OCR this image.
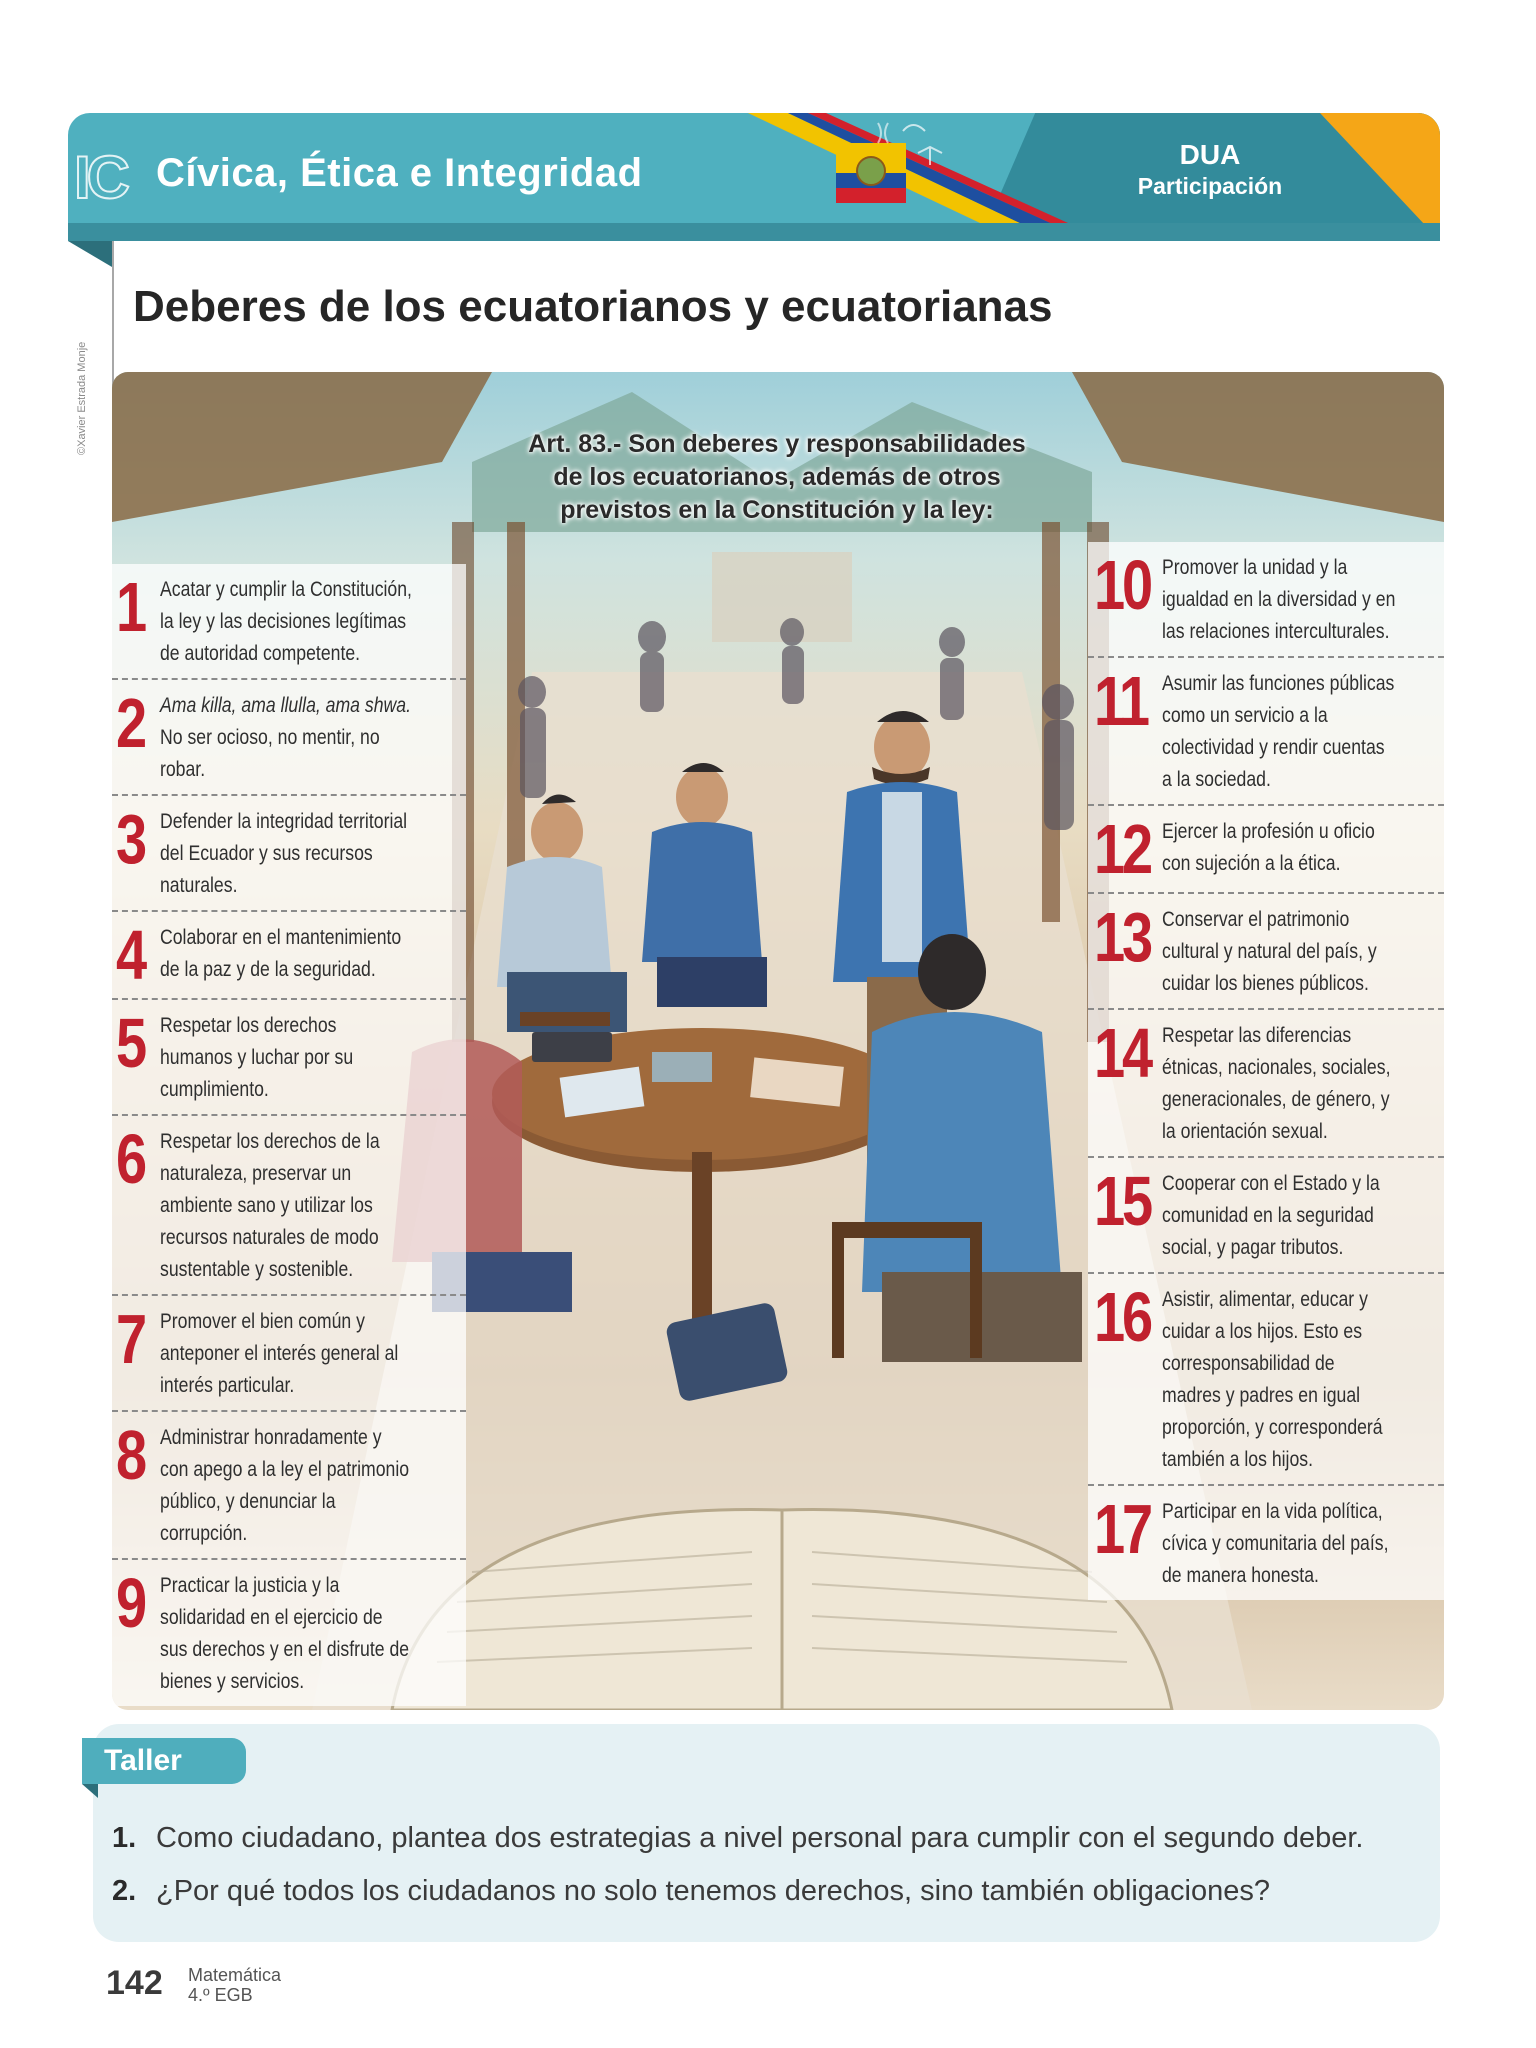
IC Cívica, Ética e Integridad	DUA
Participación
©Xavier Estrada Monje
Deberes de los ecuatorianos y ecuatorianas
Art. 83.- Son deberes y responsabilidades de los ecuatorianos, además de otros previstos en la Constitución y la ley:
1 Acatar y cumplir la Constitución, la ley y las decisiones legítimas de autoridad competente.
2 Ama killa, ama llulla, ama shwa. No ser ocioso, no mentir, no robar.
3 Defender la integridad territorial del Ecuador y sus recursos naturales.
4 Colaborar en el mantenimiento de la paz y de la seguridad.
5 Respetar los derechos humanos y luchar por su cumplimiento.
6 Respetar los derechos de la naturaleza, preservar un ambiente sano y utilizar los recursos naturales de modo sustentable y sostenible.
7 Promover el bien común y anteponer el interés general al interés particular.
8 Administrar honradamente y con apego a la ley el patrimonio público, y denunciar la corrupción.
9 Practicar la justicia y la solidaridad en el ejercicio de sus derechos y en el disfrute de bienes y servicios.
10 Promover la unidad y la igualdad en la diversidad y en las relaciones interculturales.
11 Asumir las funciones públicas como un servicio a la colectividad y rendir cuentas a la sociedad.
12 Ejercer la profesión u oficio con sujeción a la ética.
13 Conservar el patrimonio cultural y natural del país, y cuidar los bienes públicos.
14 Respetar las diferencias étnicas, nacionales, sociales, generacionales, de género, y la orientación sexual.
15 Cooperar con el Estado y la comunidad en la seguridad social, y pagar tributos.
16 Asistir, alimentar, educar y cuidar a los hijos. Esto es corresponsabilidad de madres y padres en igual proporción, y corresponderá también a los hijos.
17 Participar en la vida política, cívica y comunitaria del país, de manera honesta.
Taller
1. Como ciudadano, plantea dos estrategias a nivel personal para cumplir con el segundo deber.
2. ¿Por qué todos los ciudadanos no solo tenemos derechos, sino también obligaciones?
142 Matemática
4.º EGB
